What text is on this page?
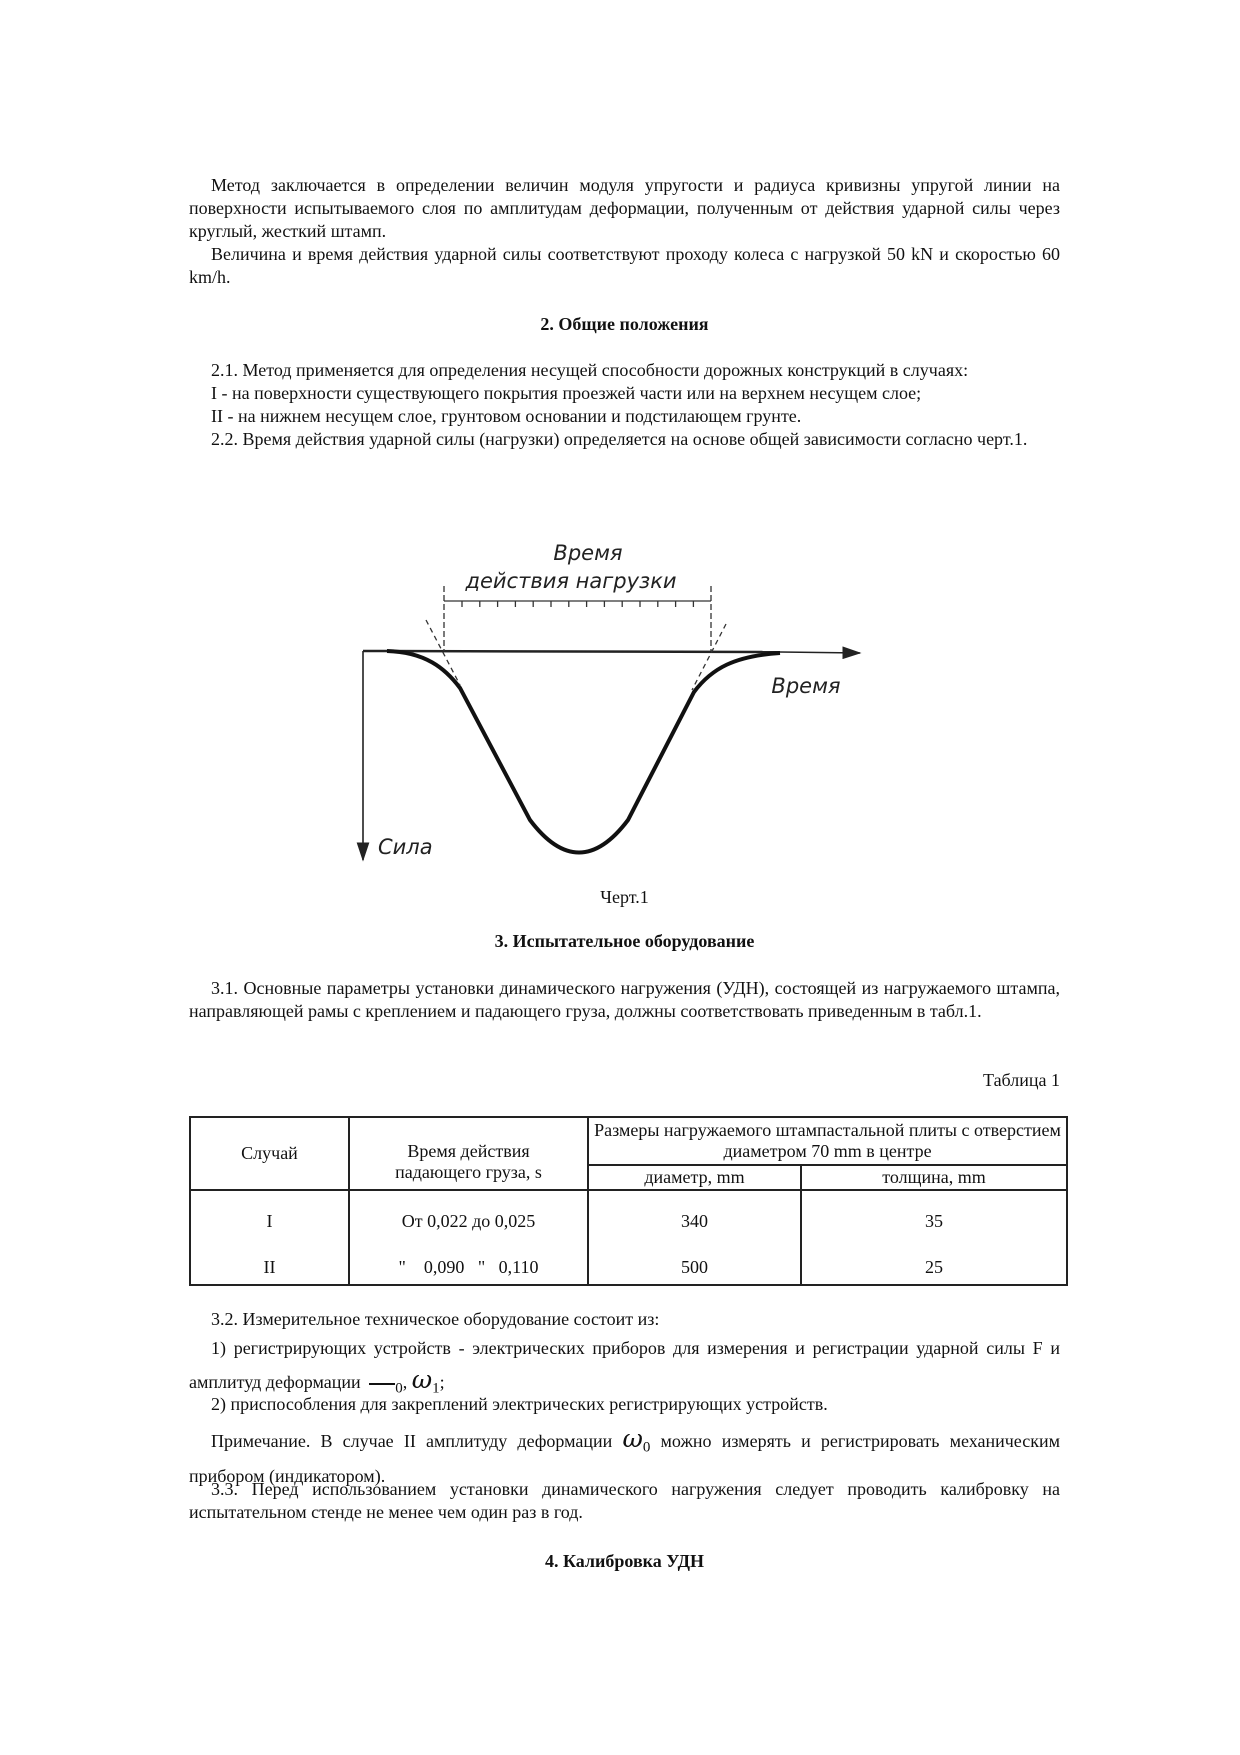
Метод заключается в определении величин модуля упругости и радиуса кривизны упругой линии на поверхности испытываемого слоя по амплитудам деформации, полученным от действия ударной силы через круглый, жесткий штамп.

Величина и время действия ударной силы соответствуют проходу колеса с нагрузкой 50 kN и скоростью 60 km/h.

2. Общие положения

2.1. Метод применяется для определения несущей способности дорожных конструкций в случаях:

I - на поверхности существующего покрытия проезжей части или на верхнем несущем слое;

II - на нижнем несущем слое, грунтовом основании и подстилающем грунте.

2.2. Время действия ударной силы (нагрузки) определяется на основе общей зависимости согласно черт.1.

Время
действия нагрузки
Время
Сила
Черт.1
3. Испытательное оборудование

3.1. Основные параметры установки динамического нагружения (УДН), состоящей из нагружаемого штампа, направляющей рамы с креплением и падающего груза, должны соответствовать приведенным в табл.1.

Таблица 1
Случай	Время действия падающего груза, s	Размеры нагружаемого штампастальной плиты с отверстием диаметром 70 mm в центре	
		диаметр, mm	толщина, mm
I	От 0,022 до 0,025	340	35
II	"    0,090   "   0,110	500	25

3.2. Измерительное техническое оборудование состоит из:

1) регистрирующих устройств - электрических приборов для измерения и регистрации ударной силы F и амплитуд деформации $_0$, $\omega_1$;

2) приспособления для закреплений электрических регистрирующих устройств.

Примечание. В случае II амплитуду деформации $\omega_0$ можно измерять и регистрировать механическим прибором (индикатором).

3.3. Перед использованием установки динамического нагружения следует проводить калибровку на испытательном стенде не менее чем один раз в год.

4. Калибровка УДН
